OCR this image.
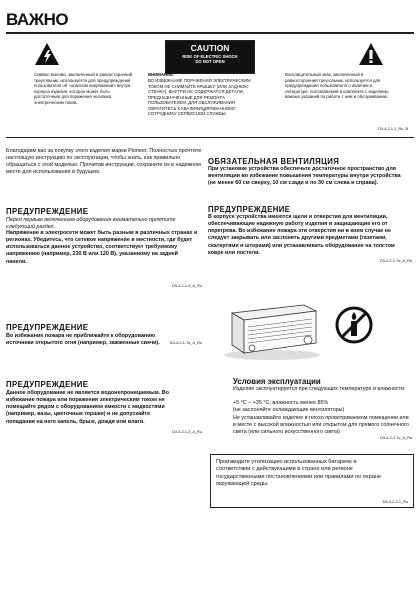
ВАЖНО
CAUTION
RISK OF ELECTRIC SHOCK
DO NOT OPEN
Символ молнии, заключенный в равносторонний треугольник, используется для предупреждения пользователя об «опасном напряжении» внутри корпуса изделия, которое может быть достаточным для поражения человека электрическим током.
ВНИМАНИЕ:
ВО ИЗБЕЖАНИЕ ПОРАЖЕНИЯ ЭЛЕКТРИЧЕСКИМ ТОКОМ НЕ СНИМАЙТЕ КРЫШКУ (ИЛИ ЗАДНЮЮ СТЕНКУ). ВНУТРИ НЕ СОДЕРЖАТСЯ ДЕТАЛИ, ПРЕДНАЗНАЧЕННЫЕ ДЛЯ РЕМОНТА ПОЛЬЗОВАТЕЛЕМ. ДЛЯ ОБСЛУЖИВАНИЯ ОБРАТИТЕСЬ К КВАЛИФИЦИРОВАННОМУ СОТРУДНИКУ СЕРВИСНОЙ СЛУЖБЫ.
Восклицательный знак, заключенный в равносторонний треугольник, используется для предупреждения пользователя о наличии в литературе, поставляемой в комплекте с изделием, важных указаний по работе с ним и обслуживанию.
D3-4-2-1-1_Ru_B
Благодарим вас за покупку этого изделия марки Pioneer. Полностью прочтите настоящую инструкцию по эксплуатации, чтобы знать, как правильно обращаться с этой моделью. Прочитав инструкции, сохраните их в надежном месте для использования в будущем.
ПРЕДУПРЕЖДЕНИЕ
Перед первым включением оборудования внимательно прочтите следующий раздел.
Напряжение в электросети может быть разным в различных странах и регионах. Убедитесь, что сетевое напряжение в местности, где будет использоваться данное устройство, соответствует требуемому напряжению (например, 230 В или 120 В), указанному на задней панели.
D3-4-2-1-4_A_Ru
ПРЕДУПРЕЖДЕНИЕ
Во избежание пожара не приближайте к оборудованию источники открытого огня (например, зажженные свечи).	D3-4-2-1-7a_A_Ru
ПРЕДУПРЕЖДЕНИЕ
Данное оборудование не является водонепроницаемым. Во избежание пожара или поражения электрическим током не помещайте рядом с оборудованием емкости с жидкостями (например, вазы, цветочные горшки) и не допускайте попадания на него капель, брызг, дождя или влаги.
D3-4-2-1-3_A_Ru
ОБЯЗАТЕЛЬНАЯ ВЕНТИЛЯЦИЯ
При установке устройства обеспечьте достаточное пространство для вентиляции во избежание повышения температуры внутри устройства (не менее 60 см сверху, 10 см сзади и по 30 см слева и справа).
ПРЕДУПРЕЖДЕНИЕ
В корпусе устройства имеются щели и отверстия для вентиляции, обеспечивающие надежную работу изделия и защищающие его от перегрева. Во избежание пожара эти отверстия ни в коем случае не следует закрывать или заслонять другими предметами (газетами, скатертями и шторами) или устанавливать оборудование на толстом ковре или постели.
D3-4-2-1-7b_A_Ru
Условия эксплуатации
Изделие эксплуатируется при следующих температуре и влажности:
+5 °C – +35 °C; влажность менее 85%
(не заслоняйте охлаждающие вентиляторы)
Не устанавливайте изделие в плохо проветриваемом помещении или в месте с высокой влажностью или открытом для прямого солнечного света (или сильного искусственного света)
D3-4-2-1-7c_A_Ru
Производите утилизацию использованных батареек в соответствии с действующими в стране или регионе государственными постановлениями или правилами по охране окружающей среды.
D3-4-2-3-1_Ru
